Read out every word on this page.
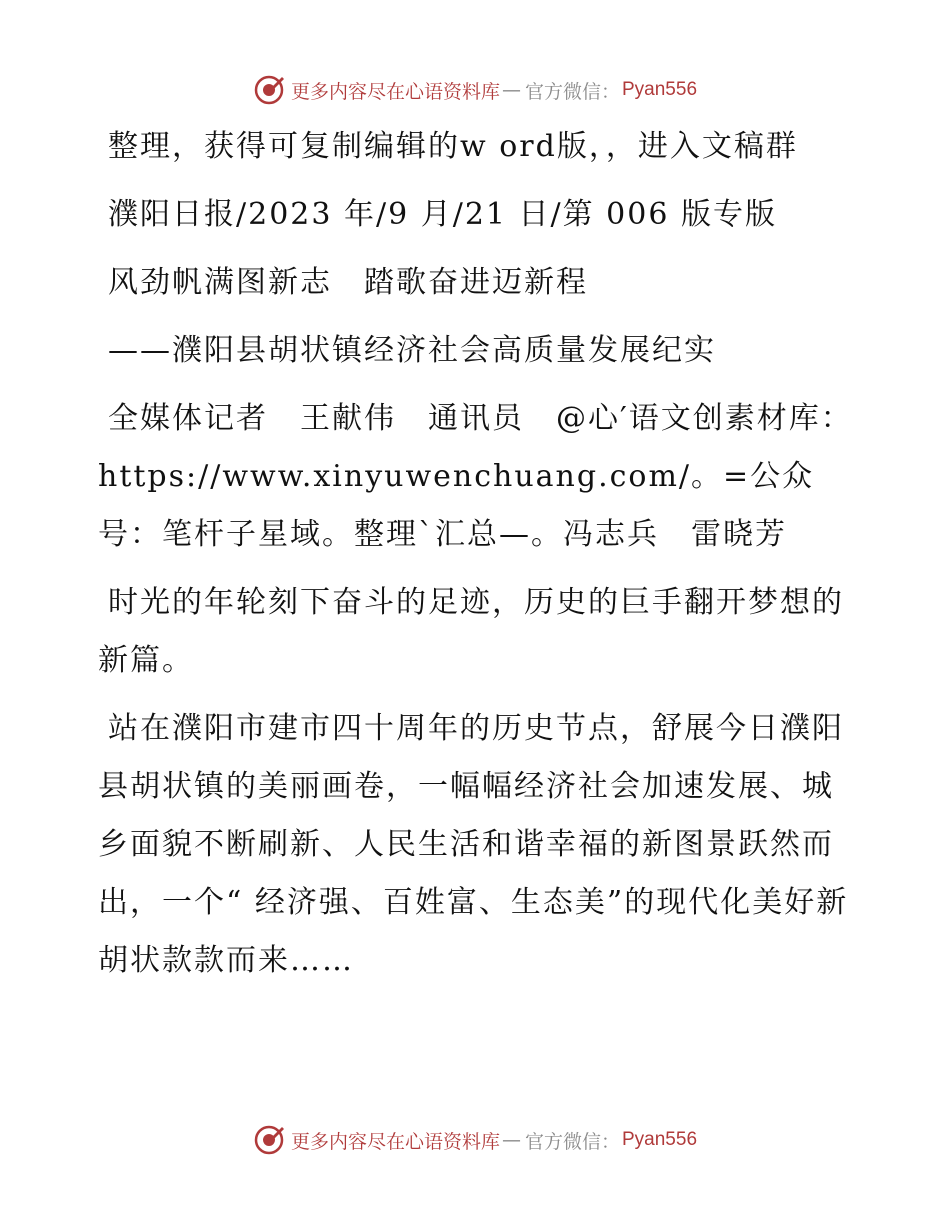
更多内容尽在心语资料库 — 官方微信： Pyan556

整理，获得可复制编辑的w ord版，，进入文稿群

濮阳日报/2023 年/9 月/21 日/第 006 版专版

风劲帆满图新志　踏歌奋进迈新程

——濮阳县胡状镇经济社会高质量发展纪实

全媒体记者　王献伟　通讯员　@心′语文创素材库：https://www.xinyuwenchuang.com/。=公众号：笔杆子星域。整理`汇总—。冯志兵　雷晓芳

时光的年轮刻下奋斗的足迹，历史的巨手翻开梦想的新篇。

站在濮阳市建市四十周年的历史节点，舒展今日濮阳县胡状镇的美丽画卷，一幅幅经济社会加速发展、城乡面貌不断刷新、人民生活和谐幸福的新图景跃然而出，一个“ 经济强、百姓富、生态美”的现代化美好新胡状款款而来……

更多内容尽在心语资料库 — 官方微信： Pyan556
